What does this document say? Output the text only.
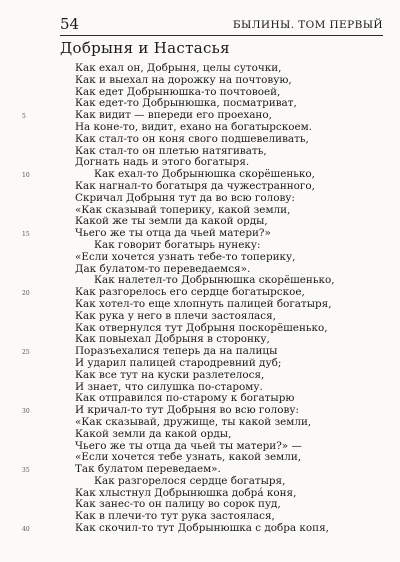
54	БЫЛИНЫ. ТОМ ПЕРВЫЙ
Добрыня и Настасья
Как ехал он, Добрыня, целы суточки,
Как и выехал на дорожку на почтовую,
Как едет Добрынюшка-то почтовоей,
Как едет-то Добрынюшка, посматриват,
5	Как видит — впереди его проехано,
На коне-то, видит, ехано на богатырскоем.
Как стал-то он коня свого подшевеливать,
Как стал-то он плетью натягивать,
Догнать надь и этого богатыря.
10	Как ехал-то Добрынюшка скорёшенько,
Как нагнал-то богатыря да чужестранного,
Скричал Добрыня тут да во всю голову:
«Как сказывай топерику, какой земли,
Какой же ты земли да какой орды,
15	Чьего же ты отца да чьей матери?»
Как говорит богатырь нунеку:
«Если хочется узнать тебе-то топерику,
Дак булатом-то переведаемся».
Как налетел-то Добрынюшка скорёшенько,
20	Как разгорелось его сердце богатырское,
Как хотел-то еще хлопнуть палицей богатыря,
Как рука у него в плечи застоялася,
Как отвернулся тут Добрыня поскорёшенько,
Как повыехал Добрыня в сторонку,
25	Поразъехалися теперь да на палицы
И ударил палицей стародревний дуб;
Как все тут на куски разлетелося,
И знает, что силушка по-старому.
Как отправился по-старому к богатырю
30	И кричал-то тут Добрыня во всю голову:
«Как сказывай, дружище, ты какой земли,
Какой земли да какой орды,
Чьего же ты отца да чьей ты матери?» —
«Если хочется тебе узнать, какой земли,
35	Так булатом переведаем».
Как разгорелося сердце богатыря,
Как хлыстнул Добрынюшка добра́ коня,
Как занес-то он палицу во сорок пуд,
Как в плечи-то тут рука застоялася,
40	Как скочил-то тут Добрынюшка с добра копя,
